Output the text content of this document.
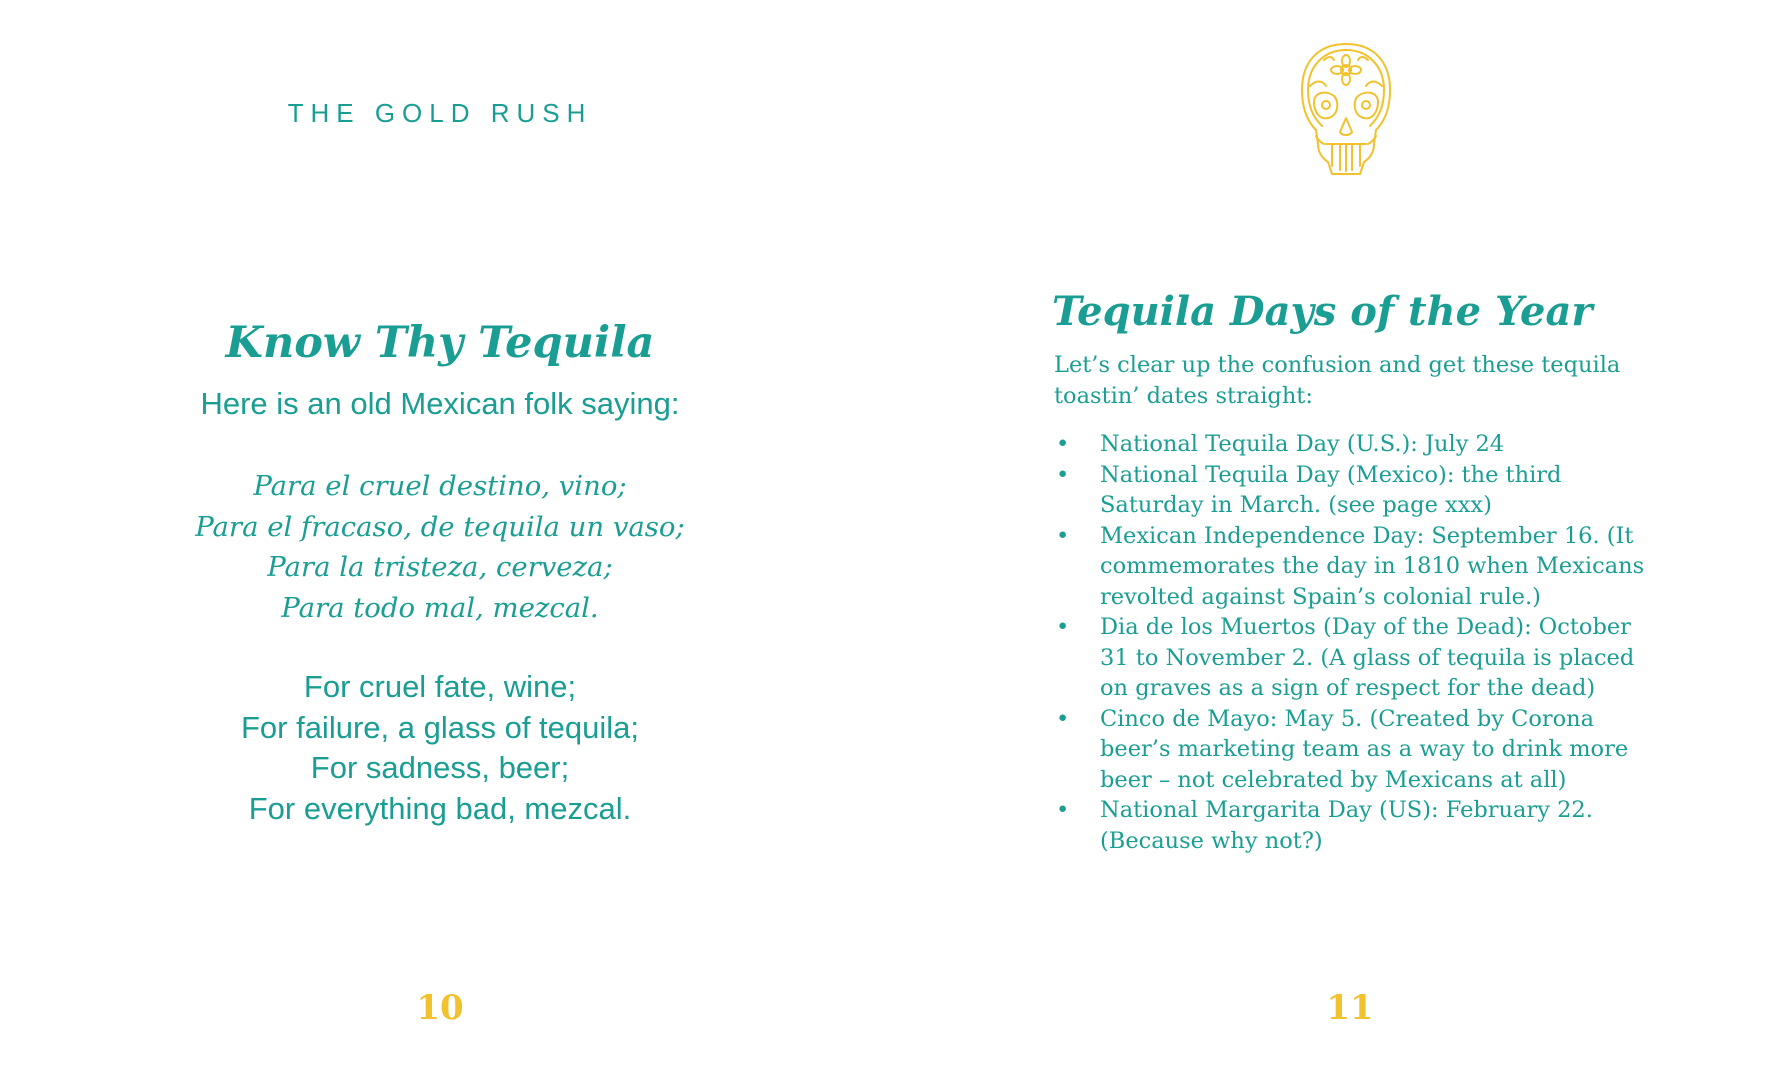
THE GOLD RUSH
Know Thy Tequila

Here is an old Mexican folk saying:

Para el cruel destino, vino;
Para el fracaso, de tequila un vaso;
Para la tristeza, cerveza;
Para todo mal, mezcal.
For cruel fate, wine;
For failure, a glass of tequila;
For sadness, beer;
For everything bad, mezcal.
10
Tequila Days of the Year

Let’s clear up the confusion and get these tequila
toastin’ dates straight:

• National Tequila Day (U.S.): July 24
• National Tequila Day (Mexico): the third
Saturday in March. (see page xxx)
• Mexican Independence Day: September 16. (It
commemorates the day in 1810 when Mexicans
revolted against Spain’s colonial rule.)
• Dia de los Muertos (Day of the Dead): October
31 to November 2. (A glass of tequila is placed
on graves as a sign of respect for the dead)
• Cinco de Mayo: May 5. (Created by Corona
beer’s marketing team as a way to drink more
beer – not celebrated by Mexicans at all)
• National Margarita Day (US): February 22.
(Because why not?)
11
